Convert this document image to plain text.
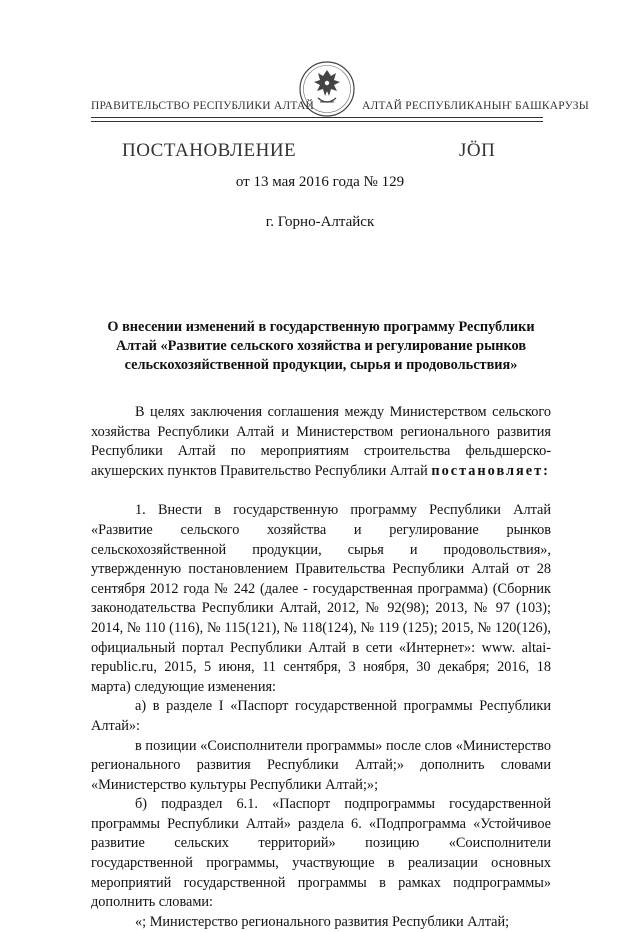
ПРАВИТЕЛЬСТВО РЕСПУБЛИКИ АЛТАЙ	АЛТАЙ РЕСПУБЛИКАНЫҤ БАШКАРУЗЫ
ПОСТАНОВЛЕНИЕ	ЈӦП
от 13 мая 2016 года № 129
г. Горно-Алтайск
О внесении изменений в государственную программу Республики Алтай «Развитие сельского хозяйства и регулирование рынков сельскохозяйственной продукции, сырья и продовольствия»

В целях заключения соглашения между Министерством сельского хозяйства Республики Алтай и Министерством регионального развития Республики Алтай по мероприятиям строительства фельдшерско-акушерских пунктов Правительство Республики Алтай постановляет:

1. Внести в государственную программу Республики Алтай «Развитие сельского хозяйства и регулирование рынков сельскохозяйственной продукции, сырья и продовольствия», утвержденную постановлением Правительства Республики Алтай от 28 сентября 2012 года № 242 (далее - государственная программа) (Сборник законодательства Республики Алтай, 2012, № 92(98); 2013, № 97 (103); 2014, № 110 (116), № 115(121), № 118(124), № 119 (125); 2015, № 120(126), официальный портал Республики Алтай в сети «Интернет»: www. altai-republic.ru, 2015, 5 июня, 11 сентября, 3 ноября, 30 декабря; 2016, 18 марта) следующие изменения:

а) в разделе I «Паспорт государственной программы Республики Алтай»:

в позиции «Соисполнители программы» после слов «Министерство регионального развития Республики Алтай;» дополнить словами «Министерство культуры Республики Алтай;»;

б) подраздел 6.1. «Паспорт подпрограммы государственной программы Республики Алтай» раздела 6. «Подпрограмма «Устойчивое развитие сельских территорий» позицию «Соисполнители государственной программы, участвующие в реализации основных мероприятий государственной программы в рамках подпрограммы» дополнить словами:

«; Министерство регионального развития Республики Алтай;
